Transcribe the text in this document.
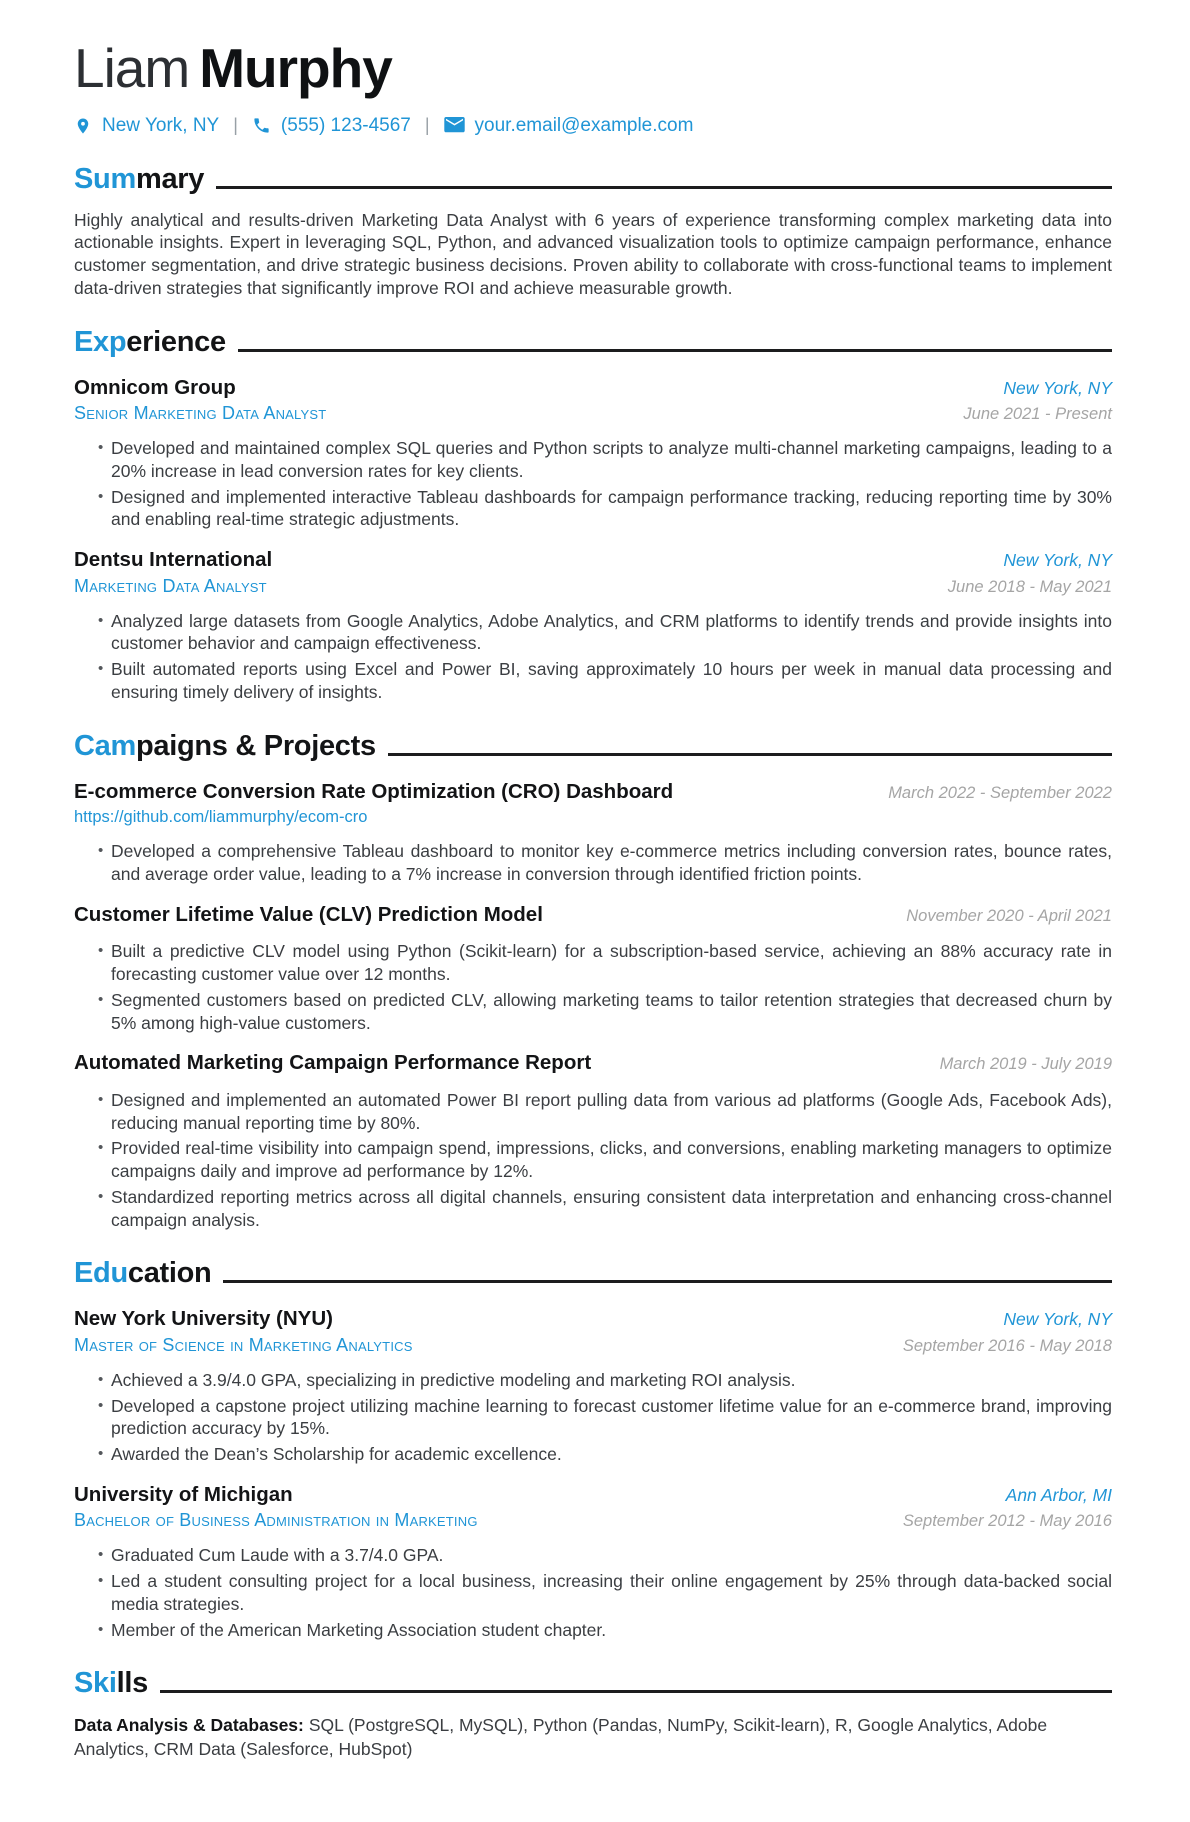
Liam Murphy
New York, NY | (555) 123-4567 | your.email@example.com
Summary

Highly analytical and results-driven Marketing Data Analyst with 6 years of experience transforming complex marketing data into actionable insights. Expert in leveraging SQL, Python, and advanced visualization tools to optimize campaign performance, enhance customer segmentation, and drive strategic business decisions. Proven ability to collaborate with cross-functional teams to implement data-driven strategies that significantly improve ROI and achieve measurable growth.

Experience
Omnicom Group	New York, NY
Senior Marketing Data Analyst	June 2021 - Present
• Developed and maintained complex SQL queries and Python scripts to analyze multi-channel marketing campaigns, leading to a 20% increase in lead conversion rates for key clients.
• Designed and implemented interactive Tableau dashboards for campaign performance tracking, reducing reporting time by 30% and enabling real-time strategic adjustments.
Dentsu International	New York, NY
Marketing Data Analyst	June 2018 - May 2021
• Analyzed large datasets from Google Analytics, Adobe Analytics, and CRM platforms to identify trends and provide insights into customer behavior and campaign effectiveness.
• Built automated reports using Excel and Power BI, saving approximately 10 hours per week in manual data processing and ensuring timely delivery of insights.
Campaigns & Projects
E-commerce Conversion Rate Optimization (CRO) Dashboard	March 2022 - September 2022
https://github.com/liammurphy/ecom-cro
• Developed a comprehensive Tableau dashboard to monitor key e-commerce metrics including conversion rates, bounce rates, and average order value, leading to a 7% increase in conversion through identified friction points.
Customer Lifetime Value (CLV) Prediction Model	November 2020 - April 2021
• Built a predictive CLV model using Python (Scikit-learn) for a subscription-based service, achieving an 88% accuracy rate in forecasting customer value over 12 months.
• Segmented customers based on predicted CLV, allowing marketing teams to tailor retention strategies that decreased churn by 5% among high-value customers.
Automated Marketing Campaign Performance Report	March 2019 - July 2019
• Designed and implemented an automated Power BI report pulling data from various ad platforms (Google Ads, Facebook Ads), reducing manual reporting time by 80%.
• Provided real-time visibility into campaign spend, impressions, clicks, and conversions, enabling marketing managers to optimize campaigns daily and improve ad performance by 12%.
• Standardized reporting metrics across all digital channels, ensuring consistent data interpretation and enhancing cross-channel campaign analysis.
Education
New York University (NYU)	New York, NY
Master of Science in Marketing Analytics	September 2016 - May 2018
• Achieved a 3.9/4.0 GPA, specializing in predictive modeling and marketing ROI analysis.
• Developed a capstone project utilizing machine learning to forecast customer lifetime value for an e-commerce brand, improving prediction accuracy by 15%.
• Awarded the Dean’s Scholarship for academic excellence.
University of Michigan	Ann Arbor, MI
Bachelor of Business Administration in Marketing	September 2012 - May 2016
• Graduated Cum Laude with a 3.7/4.0 GPA.
• Led a student consulting project for a local business, increasing their online engagement by 25% through data-backed social media strategies.
• Member of the American Marketing Association student chapter.
Skills

Data Analysis & Databases: SQL (PostgreSQL, MySQL), Python (Pandas, NumPy, Scikit-learn), R, Google Analytics, Adobe Analytics, CRM Data (Salesforce, HubSpot)
